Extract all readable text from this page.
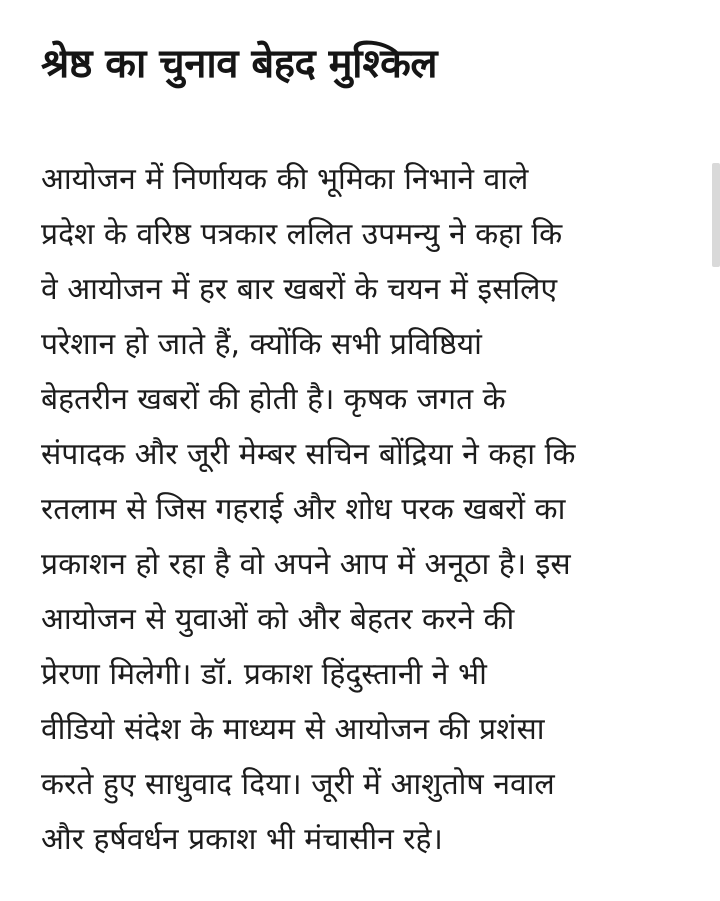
श्रेष्ठ का चुनाव बेहद मुश्किल
आयोजन में निर्णायक की भूमिका निभाने वाले
प्रदेश के वरिष्ठ पत्रकार ललित उपमन्यु ने कहा कि
वे आयोजन में हर बार खबरों के चयन में इसलिए
परेशान हो जाते हैं, क्योंकि सभी प्रविष्ठियां
बेहतरीन खबरों की होती है। कृषक जगत के
संपादक और जूरी मेम्बर सचिन बोंद्रिया ने कहा कि
रतलाम से जिस गहराई और शोध परक खबरों का
प्रकाशन हो रहा है वो अपने आप में अनूठा है। इस
आयोजन से युवाओं को और बेहतर करने की
प्रेरणा मिलेगी। डॉ. प्रकाश हिंदुस्तानी ने भी
वीडियो संदेश के माध्यम से आयोजन की प्रशंसा
करते हुए साधुवाद दिया। जूरी में आशुतोष नवाल
और हर्षवर्धन प्रकाश भी मंचासीन रहे।
